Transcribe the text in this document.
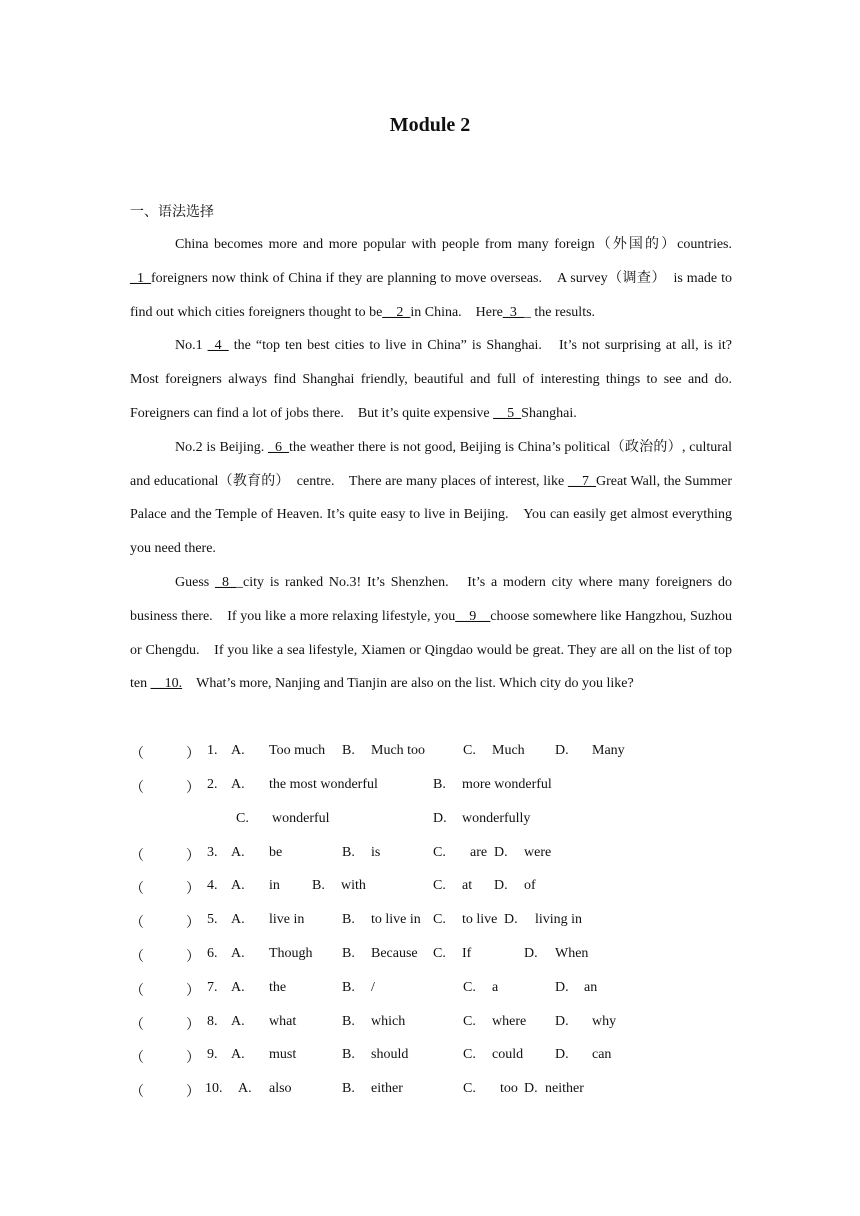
Module 2
一、语法选择

China becomes more and more popular with people from many foreign（外国的）countries. _1_foreigners now think of China if they are planning to move overseas.　A survey（调查）　is made to find out which cities foreigners thought to be__2_in China.　Here_3__ the results.

No.1 _4_ the “top ten best cities to live in China” is Shanghai.　It’s not surprising at all, is it? Most foreigners always find Shanghai friendly, beautiful and full of interesting things to see and do.　Foreigners can find a lot of jobs there.　But it’s quite expensive __5_Shanghai.

No.2 is Beijing. _6_the weather there is not good, Beijing is China’s political（政治的）, cultural and educational（教育的）　centre.　There are many places of interest, like __7_Great Wall, the Summer Palace and the Temple of Heaven. It’s quite easy to live in Beijing.　You can easily get almost everything you need there.

Guess _8__city is ranked No.3! It’s Shenzhen.　It’s a modern city where many foreigners do business there.　If you like a more relaxing lifestyle, you__9__choose somewhere like Hangzhou, Suzhou or Chengdu.　If you like a sea lifestyle, Xiamen or Qingdao would be great. They are all on the list of top ten __10.　What’s more, Nanjing and Tianjin are also on the list. Which city do you like?

（　　　） 1. A. Too much B. Much too	C. Much D. Many
（　　　） 2. A. the most wonderful	B. more wonderful
C. wonderful	D. wonderfully
（　　　） 3. A. be	B. is	C. are D. were
（　　　） 4. A. in B. with	C. at D. of
（　　　） 5. A. live in	B. to live in C. to live D. living in
（　　　） 6. A. Though B. Because C. If	D. When
（　　　） 7. A. the	B. /	C. a	D. an
（　　　） 8. A. what	B. which	C. where D. why
（　　　） 9. A. must	B. should	C. could D. can
（　　　） 10. A. also	B. either	C. too D. neither
